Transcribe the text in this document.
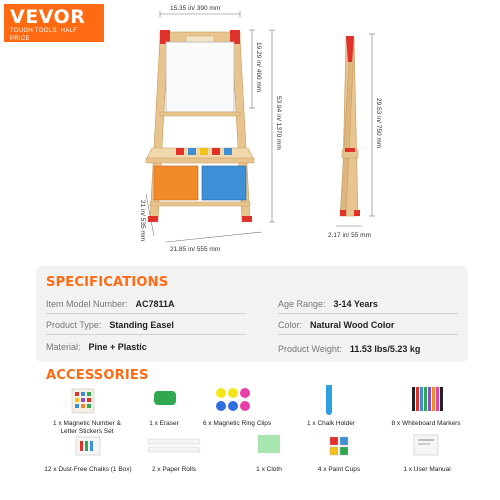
VEVOR
TOUGH TOOLS, HALF PRICE
15.35 in/ 390 mm
19.29 in/ 490 mm
53.94 in/ 1370 mm
21 in/ 535 mm
21.85 in/ 555 mm
29.53 in/ 750 mm
2.17 in/ 55 mm
SPECIFICATIONS
Item Model Number: AC7811A	Age Range: 3-14 Years
Product Type: Standing Easel	Color: Natural Wood Color
Material: Pine + Plastic	Product Weight: 11.53 lbs/5.23 kg
ACCESSORIES
1 x Magnetic Number &
Letter Stickers Set
1 x Eraser	6 x Magnetic Ring Clips	1 x Chalk Holder	8 x Whiteboard Markers
12 x Dust-Free Chalks (1 Box)	2 x Paper Rolls	1 x Cloth	4 x Paint Cups	1 x User Manual
